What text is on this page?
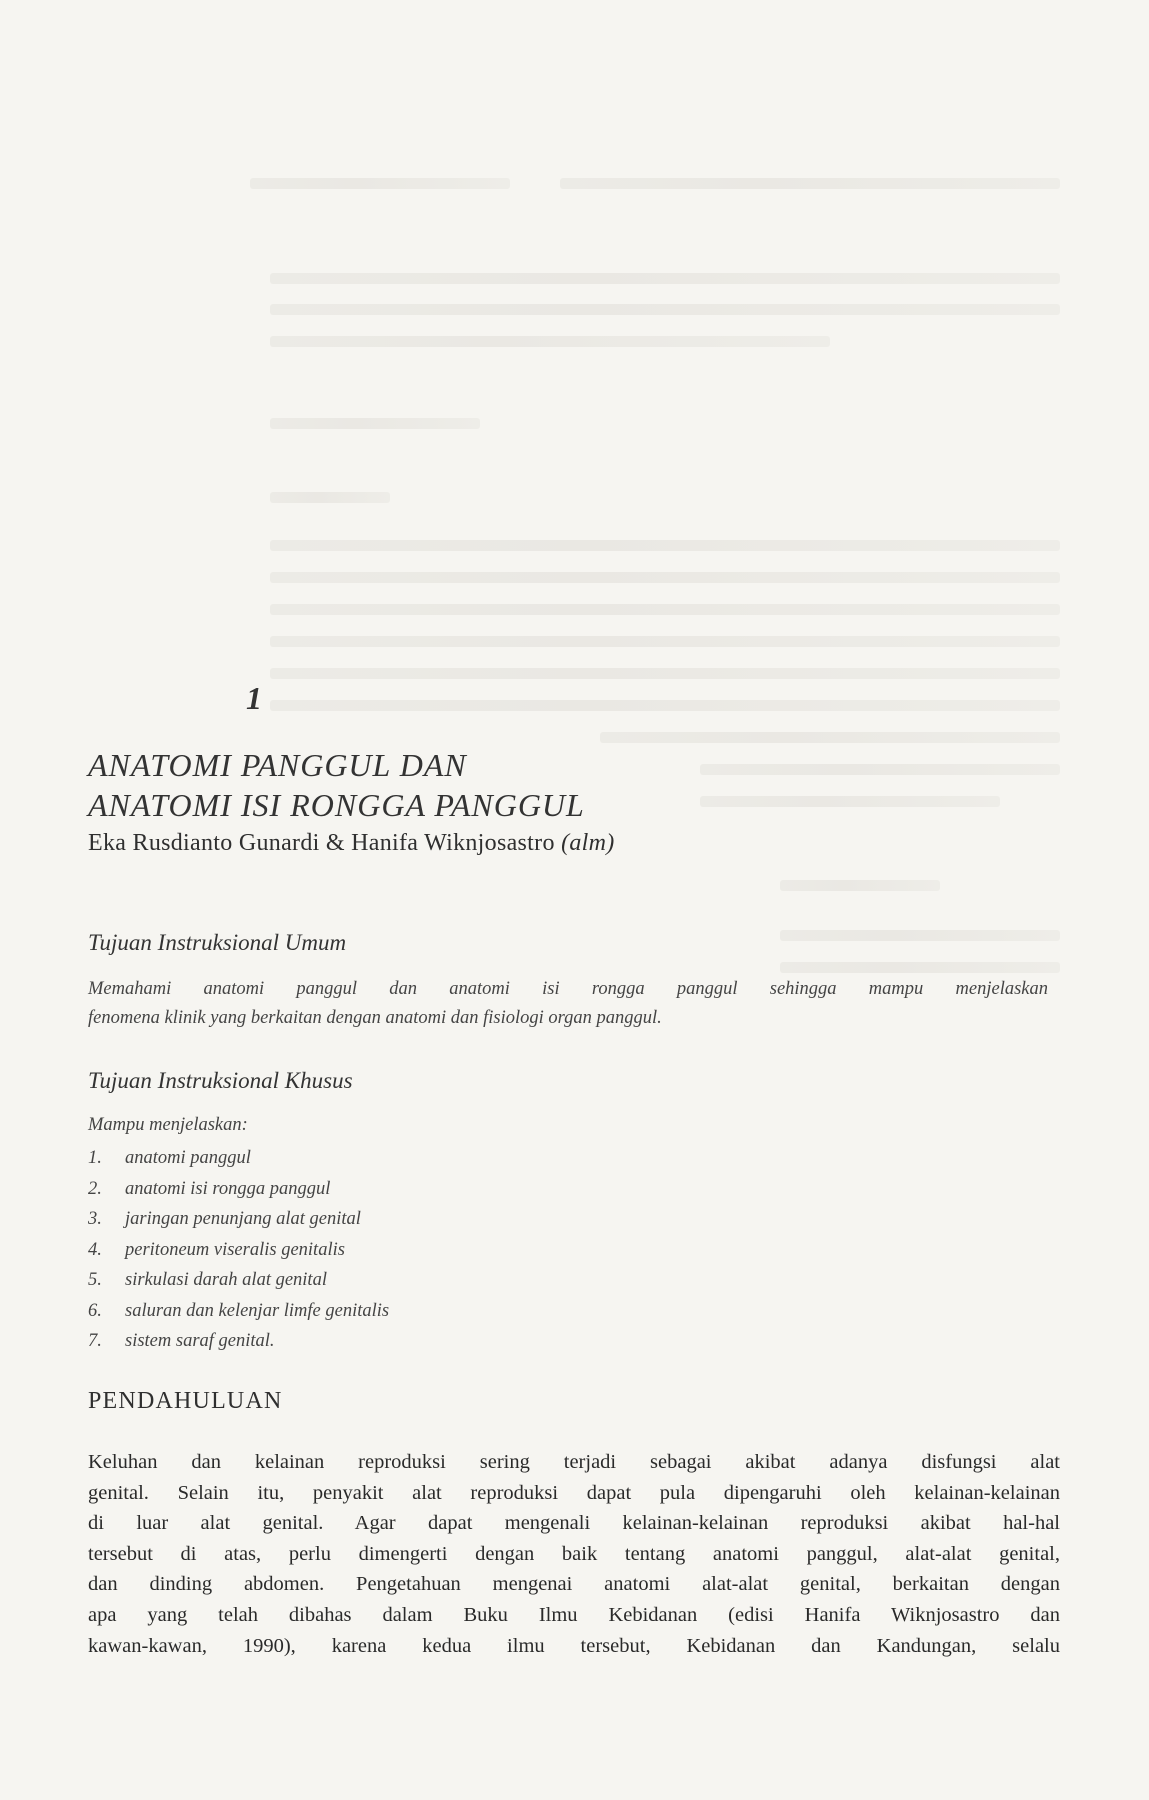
1
ANATOMI PANGGUL DAN
ANATOMI ISI RONGGA PANGGUL

Eka Rusdianto Gunardi & Hanifa Wiknjosastro (alm)

Tujuan Instruksional Umum

Memahami anatomi panggul dan anatomi isi rongga panggul sehingga mampu menjelaskan
fenomena klinik yang berkaitan dengan anatomi dan fisiologi organ panggul.

Tujuan Instruksional Khusus

Mampu menjelaskan:

1.	anatomi panggul
2.	anatomi isi rongga panggul
3.	jaringan penunjang alat genital
4.	peritoneum viseralis genitalis
5.	sirkulasi darah alat genital
6.	saluran dan kelenjar limfe genitalis
7.	sistem saraf genital.
PENDAHULUAN
Keluhan dan kelainan reproduksi sering terjadi sebagai akibat adanya disfungsi alat
genital. Selain itu, penyakit alat reproduksi dapat pula dipengaruhi oleh kelainan-kelainan
di luar alat genital. Agar dapat mengenali kelainan-kelainan reproduksi akibat hal-hal
tersebut di atas, perlu dimengerti dengan baik tentang anatomi panggul, alat-alat genital,
dan dinding abdomen. Pengetahuan mengenai anatomi alat-alat genital, berkaitan dengan
apa yang telah dibahas dalam Buku Ilmu Kebidanan (edisi Hanifa Wiknjosastro dan
kawan-kawan, 1990), karena kedua ilmu tersebut, Kebidanan dan Kandungan, selalu
